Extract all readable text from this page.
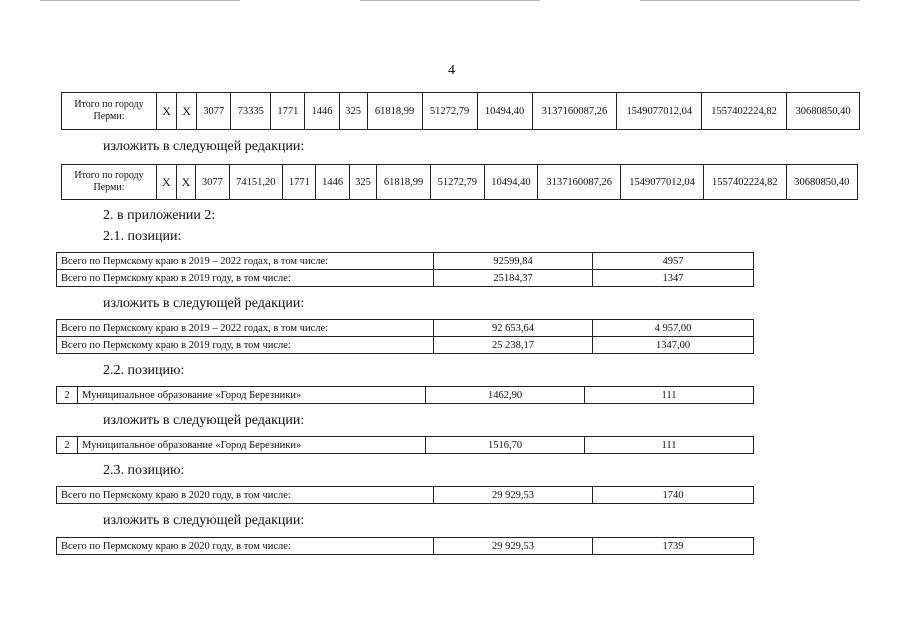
4
Итого по городу
Перми:	X	X	3077	73335	1771	1446	325	61818,99	51272,79	10494,40	3137160087,26	1549077012,04	1557402224,82	30680850,40
изложить в следующей редакции:
Итого по городу
Перми:	X	X	3077	74151,20	1771	1446	325	61818,99	51272,79	10494,40	3137160087,26	1549077012,04	1557402224,82	30680850,40
2. в приложении 2:
2.1. позиции:
Всего по Пермскому краю в 2019 – 2022 годах, в том числе:	92599,84	4957
Всего по Пермскому краю в 2019 году, в том числе:	25184,37	1347
изложить в следующей редакции:
Всего по Пермскому краю в 2019 – 2022 годах, в том числе:	92 653,64	4 957,00
Всего по Пермскому краю в 2019 году, в том числе:	25 238,17	1347,00
2.2. позицию:
2	Муниципальное образование «Город Березники»	1462,90	111
изложить в следующей редакции:
2	Муниципальное образование «Город Березники»	1516,70	111
2.3. позицию:
Всего по Пермскому краю в 2020 году, в том числе:	29 929,53	1740
изложить в следующей редакции:
Всего по Пермскому краю в 2020 году, в том числе:	29 929,53	1739
